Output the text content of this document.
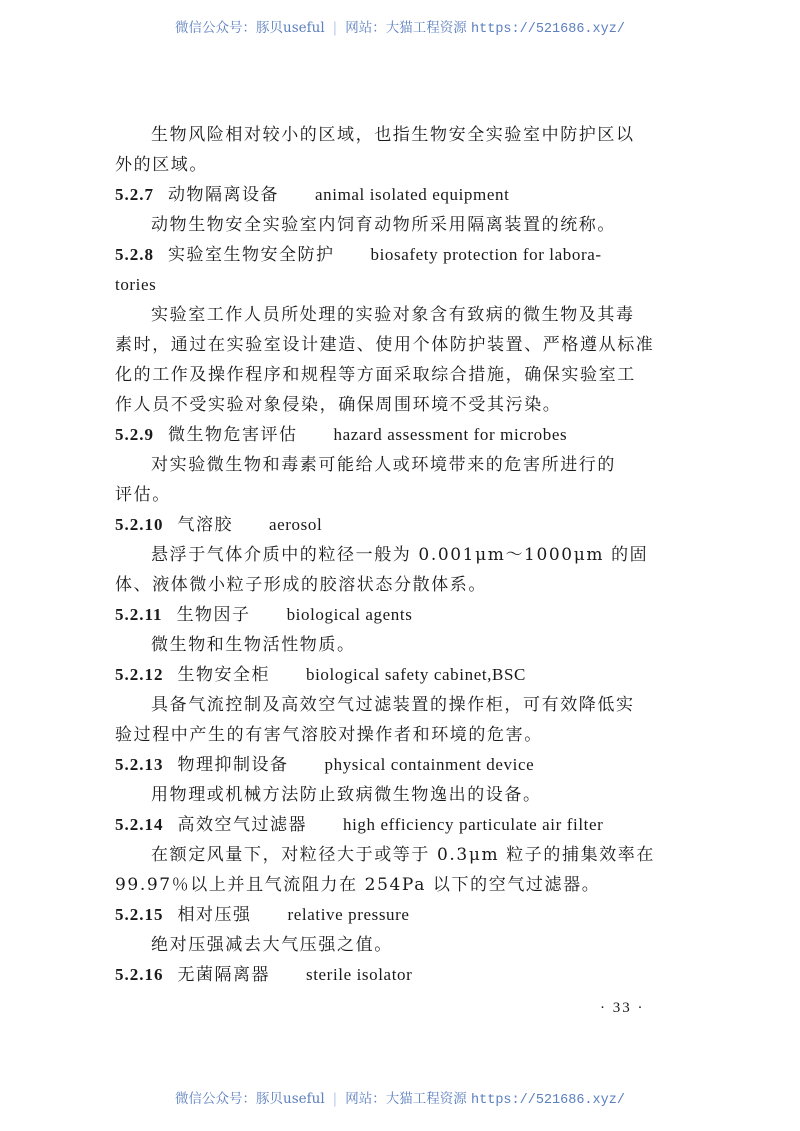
微信公众号：豚贝useful | 网站：大猫工程资源 https://521686.xyz/
生物风险相对较小的区域，也指生物安全实验室中防护区以
外的区域。
5.2.7 动物隔离设备 animal isolated equipment
动物生物安全实验室内饲育动物所采用隔离装置的统称。
5.2.8 实验室生物安全防护 biosafety protection for labora-
tories
实验室工作人员所处理的实验对象含有致病的微生物及其毒
素时，通过在实验室设计建造、使用个体防护装置、严格遵从标准
化的工作及操作程序和规程等方面采取综合措施，确保实验室工
作人员不受实验对象侵染，确保周围环境不受其污染。
5.2.9 微生物危害评估 hazard assessment for microbes
对实验微生物和毒素可能给人或环境带来的危害所进行的
评估。
5.2.10 气溶胶 aerosol
悬浮于气体介质中的粒径一般为 0.001μm～1000μm 的固
体、液体微小粒子形成的胶溶状态分散体系。
5.2.11 生物因子 biological agents
微生物和生物活性物质。
5.2.12 生物安全柜 biological safety cabinet,BSC
具备气流控制及高效空气过滤装置的操作柜，可有效降低实
验过程中产生的有害气溶胶对操作者和环境的危害。
5.2.13 物理抑制设备 physical containment device
用物理或机械方法防止致病微生物逸出的设备。
5.2.14 高效空气过滤器 high efficiency particulate air filter
在额定风量下，对粒径大于或等于 0.3μm 粒子的捕集效率在
99.97％以上并且气流阻力在 254Pa 以下的空气过滤器。
5.2.15 相对压强 relative pressure
绝对压强减去大气压强之值。
5.2.16 无菌隔离器 sterile isolator
· 33 ·
微信公众号：豚贝useful | 网站：大猫工程资源 https://521686.xyz/
